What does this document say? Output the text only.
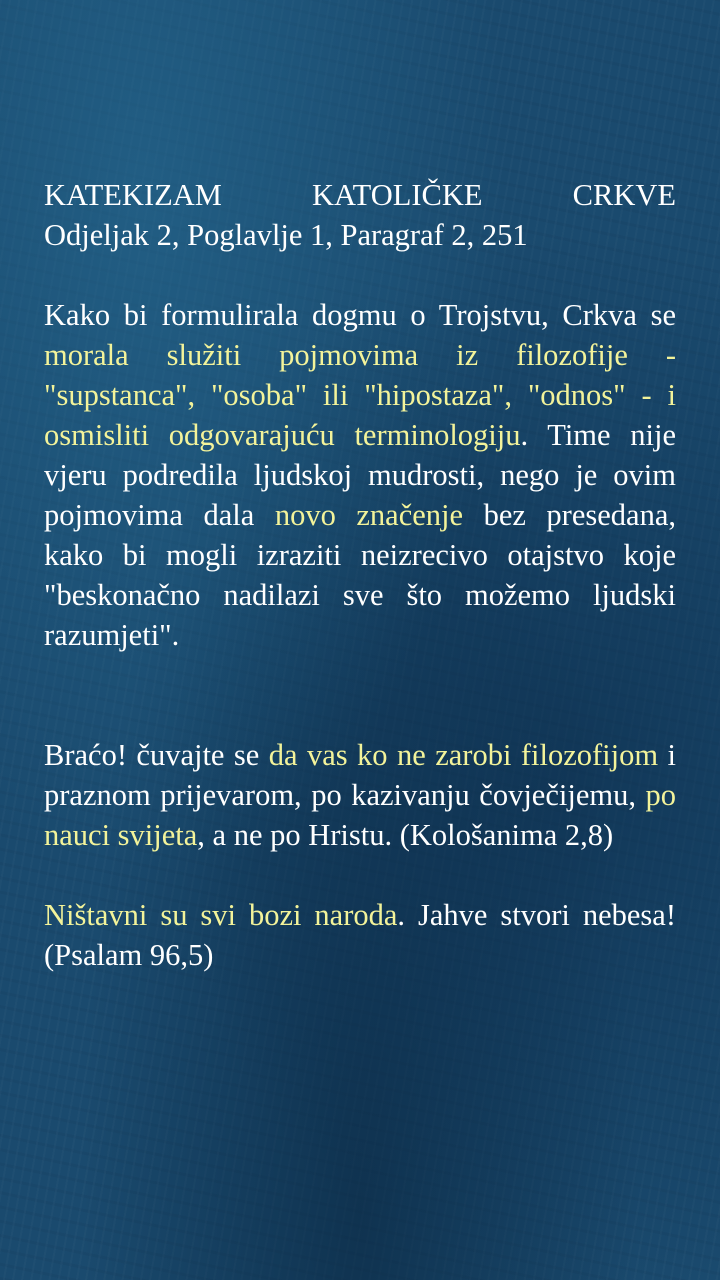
KATEKIZAM KATOLIČKE CRKVE
Odjeljak 2, Poglavlje 1, Paragraf 2, 251

Kako bi formulirala dogmu o Trojstvu, Crkva se morala služiti pojmovima iz filozofije - "supstanca", "osoba" ili "hipostaza", "odnos" - i osmisliti odgovarajuću terminologiju. Time nije vjeru podredila ljudskoj mudrosti, nego je ovim pojmovima dala novo značenje bez presedana, kako bi mogli izraziti neizrecivo otajstvo koje "beskonačno nadilazi sve što možemo ljudski razumjeti".

Braćo! čuvajte se da vas ko ne zarobi filozofijom i praznom prijevarom, po kazivanju čovječijemu, po nauci svijeta, a ne po Hristu. (Kološanima 2,8)

Ništavni su svi bozi naroda. Jahve stvori nebesa! (Psalam 96,5)
